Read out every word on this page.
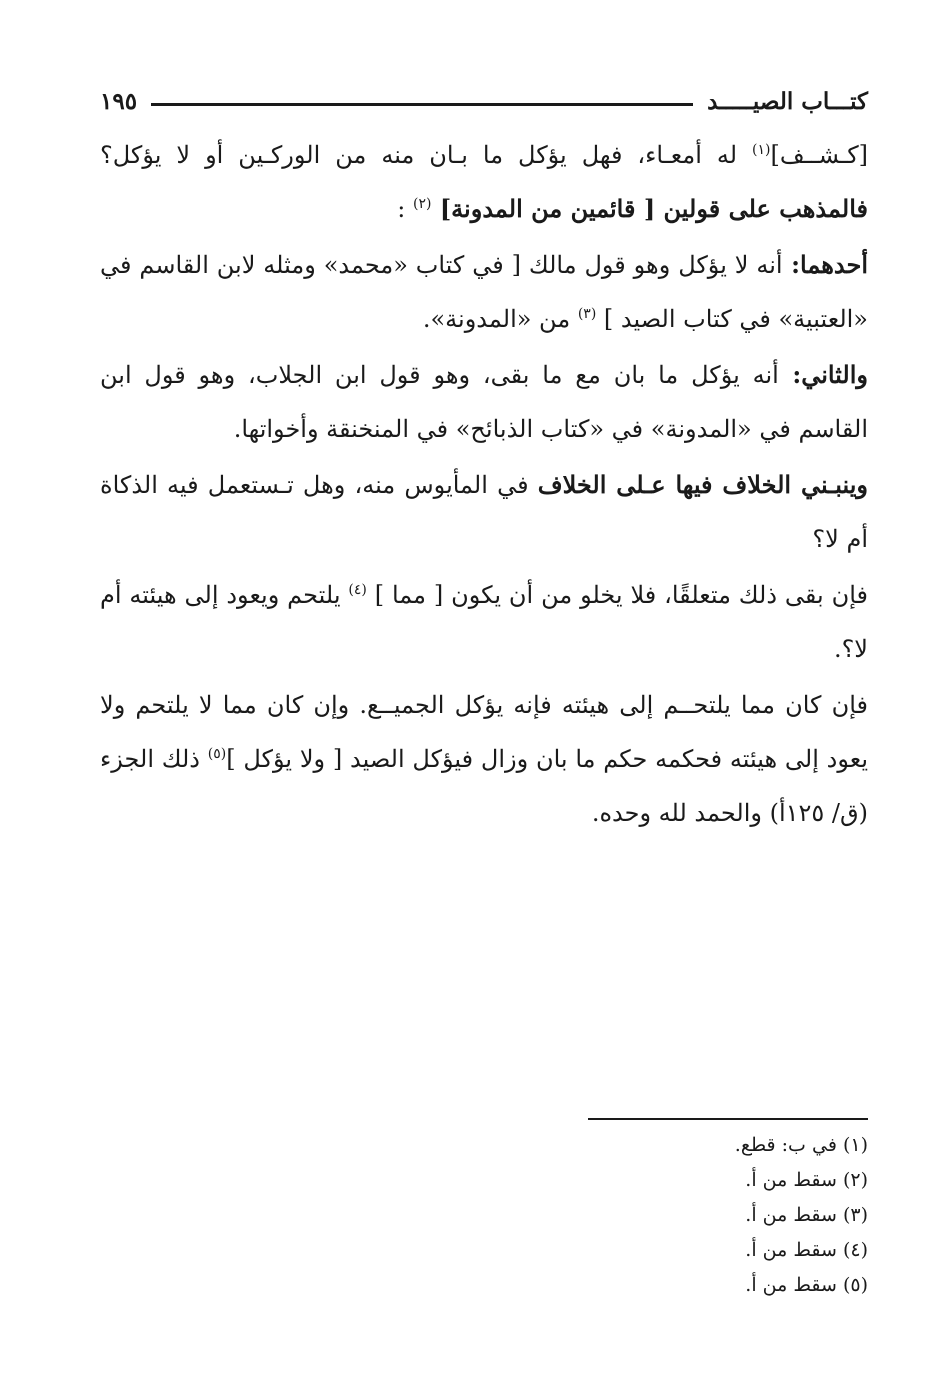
كتـــاب الصيـــــد
١٩٥

[كـشــف]$^{(١)}$ له أمعـاء، فهل يؤكل ما بـان منه من الوركـين أو لا يؤكل؟ فالمذهب على قولين [ قائمين من المدونة] $^{(٢)}$ :

أحدهما: أنه لا يؤكل وهو قول مالك [ في كتاب «محمد» ومثله لابن القاسم في «العتبية» في كتاب الصيد ] $^{(٣)}$ من «المدونة».

والثاني: أنه يؤكل ما بان مع ما بقى، وهو قول ابن الجلاب، وهو قول ابن القاسم في «المدونة» في «كتاب الذبائح» في المنخنقة وأخواتها.

وينبـني الخلاف فيها عـلى الخلاف في المأيوس منه، وهل تـستعمل فيه الذكاة أم لا؟

فإن بقى ذلك متعلقًا، فلا يخلو من أن يكون [ مما ] $^{(٤)}$ يلتحم ويعود إلى هيئته أم لا؟.

فإن كان مما يلتحــم إلى هيئته فإنه يؤكل الجميــع. وإن كان مما لا يلتحم ولا يعود إلى هيئته فحكمه حكم ما بان وزال فيؤكل الصيد [ ولا يؤكل ]$^{(٥)}$ ذلك الجزء (ق/ ١٢٥أ) والحمد لله وحده.

(١) في ب: قطع.

(٢) سقط من أ.

(٣) سقط من أ.

(٤) سقط من أ.

(٥) سقط من أ.
